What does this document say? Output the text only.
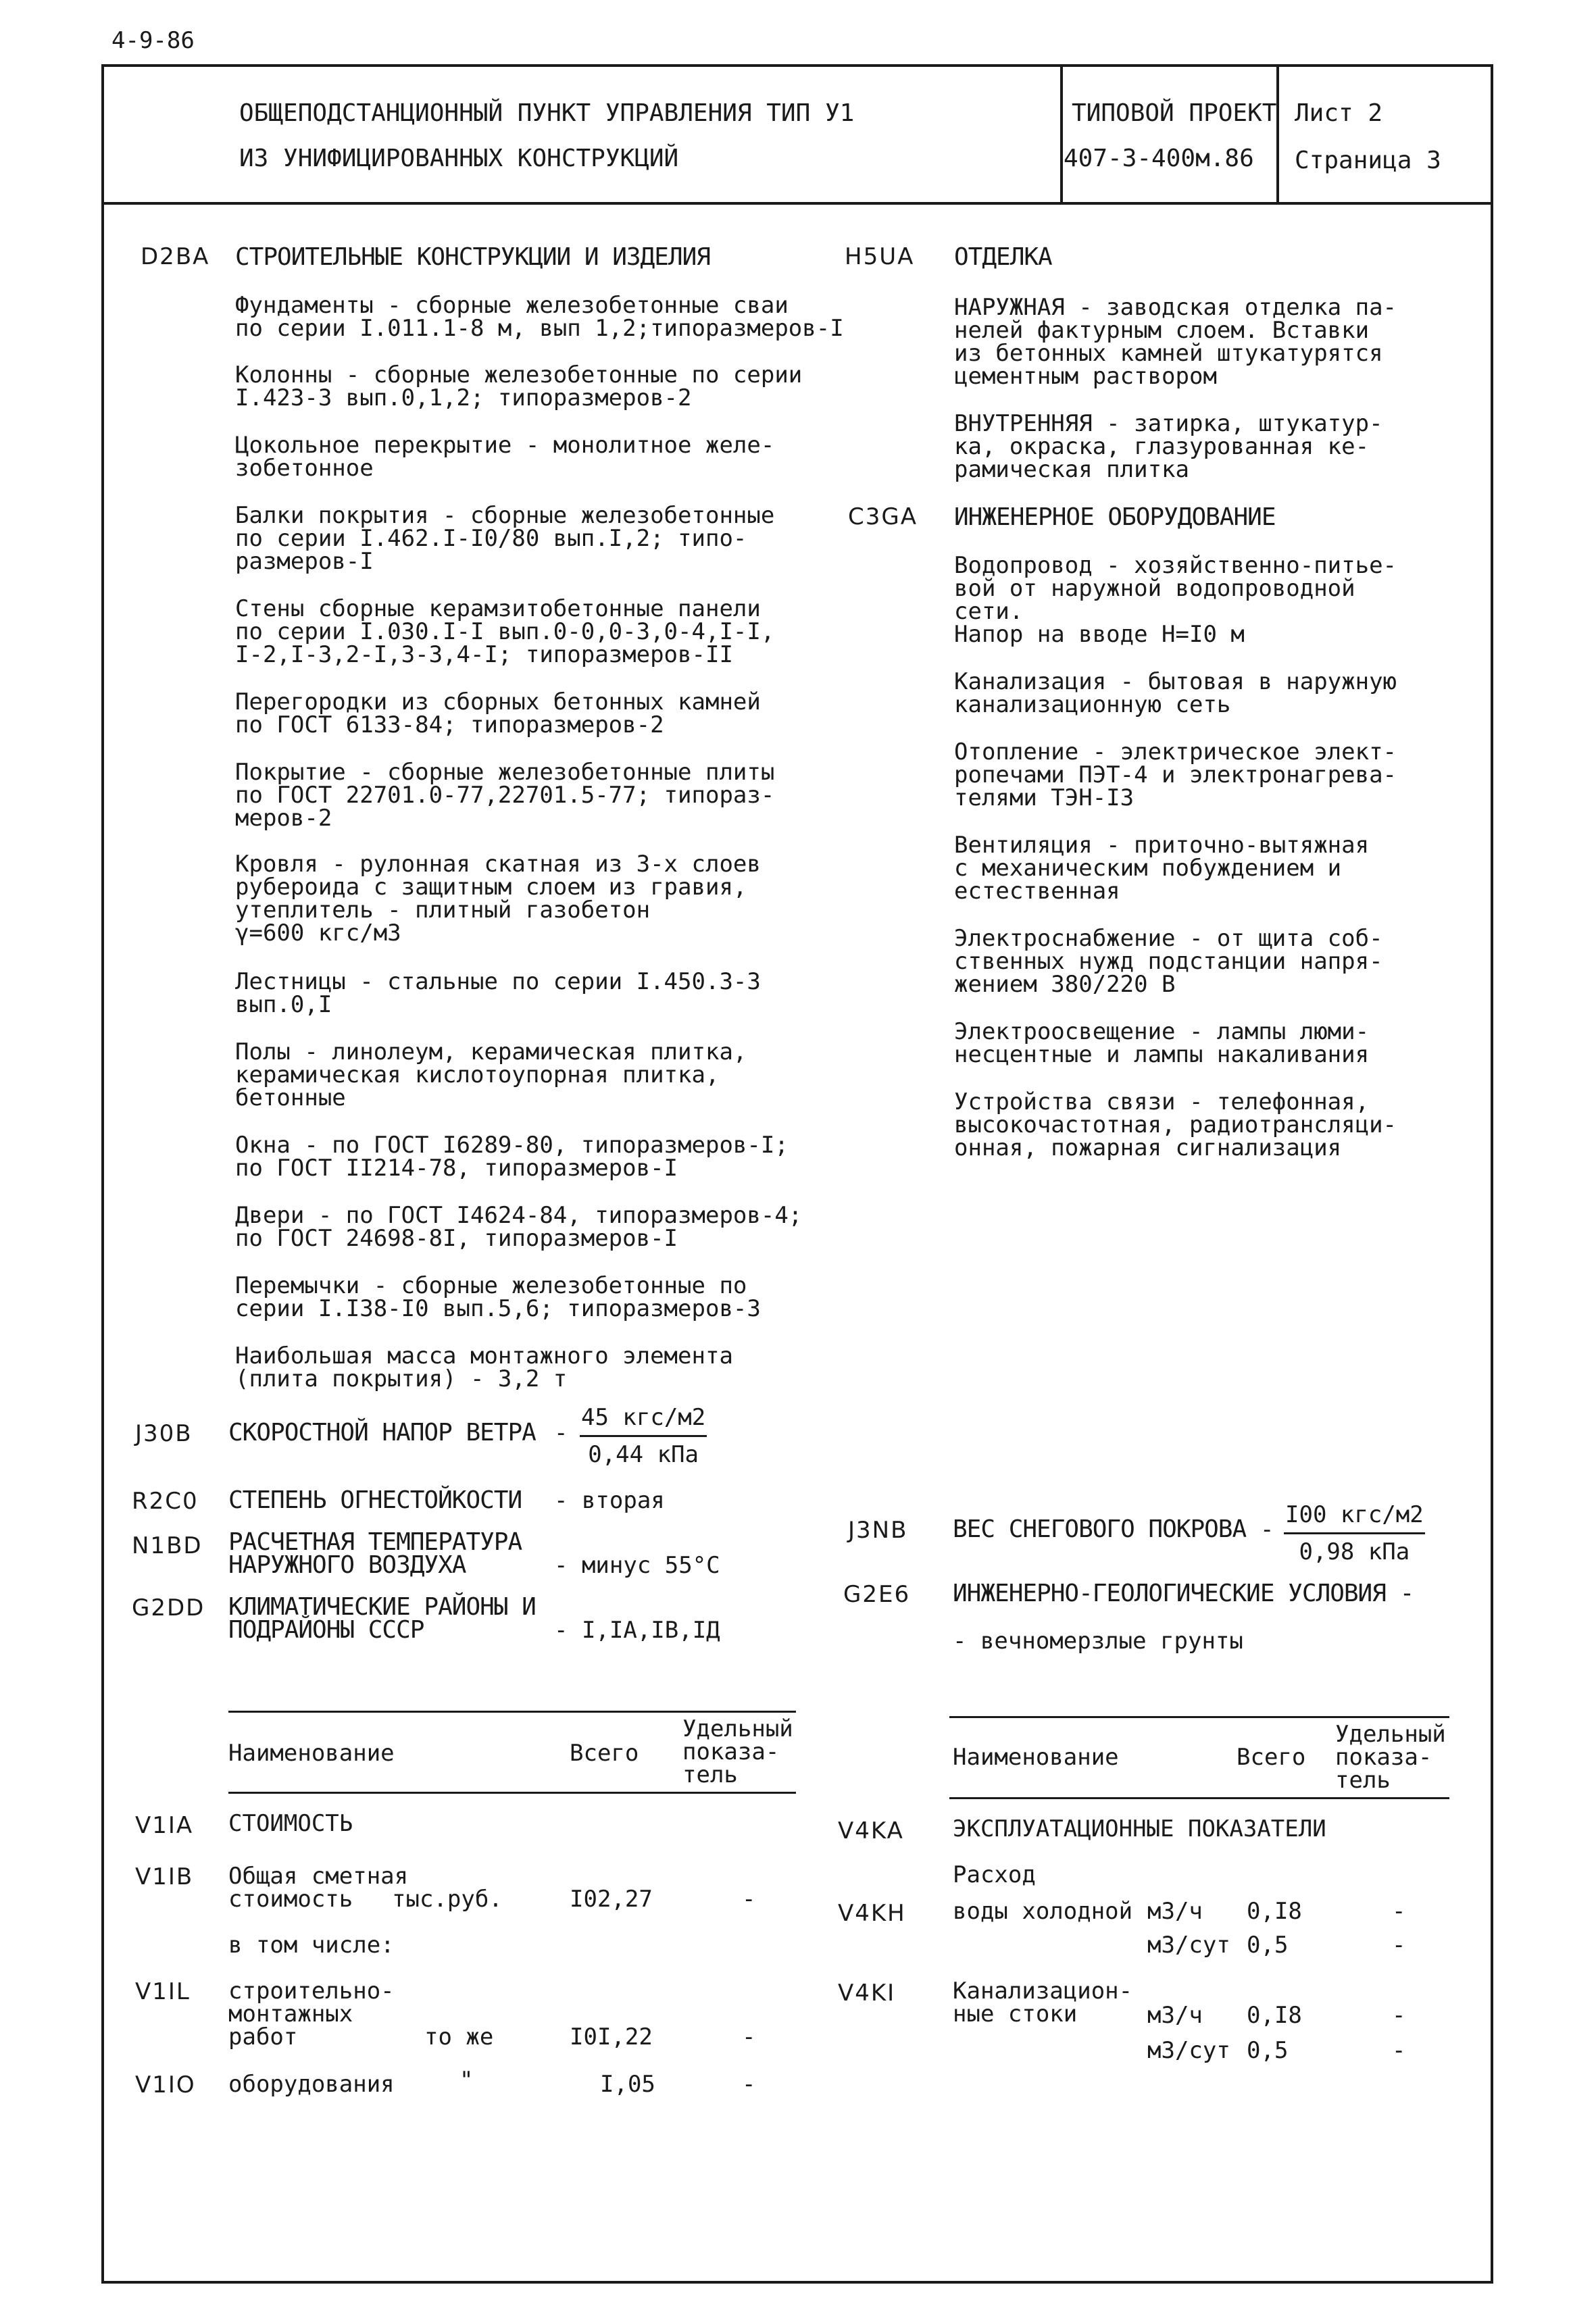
4-9-86
ОБЩЕПОДСТАНЦИОННЫЙ ПУНКТ УПРАВЛЕНИЯ ТИП У1
ИЗ УНИФИЦИРОВАННЫХ КОНСТРУКЦИЙ
ТИПОВОЙ ПРОЕКТ
407-3-400м.86
Лист 2
Страница 3
D2BA СТРОИТЕЛЬНЫЕ КОНСТРУКЦИИ И ИЗДЕЛИЯ
Фундаменты - сборные железобетонные сваи
по серии I.011.1-8 м, вып 1,2;типоразмеров-I
Колонны - сборные железобетонные по серии
I.423-3 вып.0,1,2; типоразмеров-2
Цокольное перекрытие - монолитное желе-
зобетонное
Балки покрытия - сборные железобетонные
по серии I.462.I-I0/80 вып.I,2; типо-
размеров-I
Стены сборные керамзитобетонные панели
по серии I.030.I-I вып.0-0,0-3,0-4,I-I,
I-2,I-3,2-I,3-3,4-I; типоразмеров-II
Перегородки из сборных бетонных камней
по ГОСТ 6133-84; типоразмеров-2
Покрытие - сборные железобетонные плиты
по ГОСТ 22701.0-77,22701.5-77; типораз-
меров-2
Кровля - рулонная скатная из 3-х слоев
рубероида с защитным слоем из гравия,
утеплитель - плитный газобетон
γ=600 кгс/м3
Лестницы - стальные по серии I.450.3-3
вып.0,I
Полы - линолеум, керамическая плитка,
керамическая кислотоупорная плитка,
бетонные
Окна - по ГОСТ I6289-80, типоразмеров-I;
по ГОСТ II214-78, типоразмеров-I
Двери - по ГОСТ I4624-84, типоразмеров-4;
по ГОСТ 24698-8I, типоразмеров-I
Перемычки - сборные железобетонные по
серии I.I38-I0 вып.5,6; типоразмеров-3
Наибольшая масса монтажного элемента
(плита покрытия) - 3,2 т
J30B СКОРОСТНОЙ НАПОР ВЕТРА -
45 кгс/м2
0,44 кПа
R2C0 СТЕПЕНЬ ОГНЕСТОЙКОСТИ - вторая
N1BD РАСЧЕТНАЯ ТЕМПЕРАТУРА
НАРУЖНОГО ВОЗДУХА	- минус 55°С
G2DD КЛИМАТИЧЕСКИЕ РАЙОНЫ И
ПОДРАЙОНЫ СССР	- I,IA,IB,IД
H5UA ОТДЕЛКА
НАРУЖНАЯ - заводская отделка па-
нелей фактурным слоем. Вставки
из бетонных камней штукатурятся
цементным раствором
ВНУТРЕННЯЯ - затирка, штукатур-
ка, окраска, глазурованная ке-
рамическая плитка
C3GA ИНЖЕНЕРНОЕ ОБОРУДОВАНИЕ
Водопровод - хозяйственно-питье-
вой от наружной водопроводной
сети.
Напор на вводе Н=I0 м
Канализация - бытовая в наружную
канализационную сеть
Отопление - электрическое элект-
ропечами ПЭТ-4 и электронагрева-
телями ТЭН-I3
Вентиляция - приточно-вытяжная
с механическим побуждением и
естественная
Электроснабжение - от щита соб-
ственных нужд подстанции напря-
жением 380/220 В
Электроосвещение - лампы люми-
несцентные и лампы накаливания
Устройства связи - телефонная,
высокочастотная, радиотрансляци-
онная, пожарная сигнализация
J3NB ВЕС СНЕГОВОГО ПОКРОВА -
I00 кгс/м2
0,98 кПа
G2E6 ИНЖЕНЕРНО-ГЕОЛОГИЧЕСКИЕ УСЛОВИЯ -
- вечномерзлые грунты
Наименование	Всего
Удельный
показа-
тель
V1IA СТОИМОСТЬ
V1IB Общая сметная
стоимость тыс.руб.	I02,27	-
в том числе:
V1IL строительно-
монтажных
работ	то же	I0I,22	-
V1IO оборудования	"	I,05	-
Наименование	Всего
Удельный
показа-
тель
V4KA ЭКСПЛУАТАЦИОННЫЕ ПОКАЗАТЕЛИ
Расход
V4KH воды холодной м3/ч 0,I8	-
м3/сут 0,5	-
V4KI Канализацион-
ные стоки	м3/ч 0,I8	-
м3/сут 0,5	-
